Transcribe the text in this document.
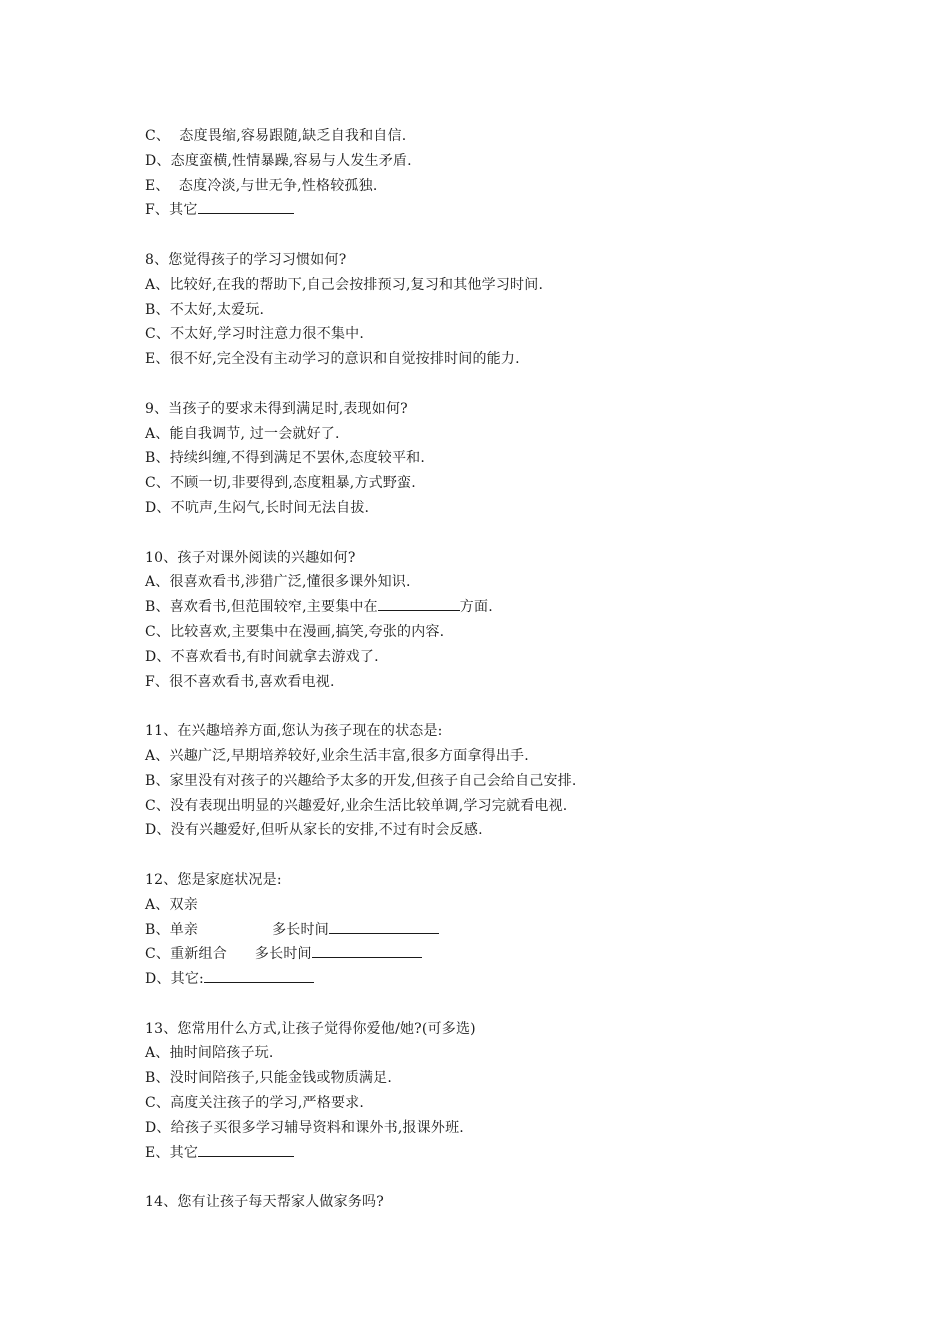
C、  态度畏缩,容易跟随,缺乏自我和自信.
D、态度蛮横,性情暴躁,容易与人发生矛盾.
E、  态度冷淡,与世无争,性格较孤独.
F、其它
8、您觉得孩子的学习习惯如何?
A、比较好,在我的帮助下,自己会按排预习,复习和其他学习时间.
B、不太好,太爱玩.
C、不太好,学习时注意力很不集中.
E、很不好,完全没有主动学习的意识和自觉按排时间的能力.
9、当孩子的要求未得到满足时,表现如何?
A、能自我调节, 过一会就好了.
B、持续纠缠,不得到满足不罢休,态度较平和.
C、不顾一切,非要得到,态度粗暴,方式野蛮.
D、不吭声,生闷气,长时间无法自拔.
10、孩子对课外阅读的兴趣如何?
A、很喜欢看书,涉猎广泛,懂很多课外知识.
B、喜欢看书,但范围较窄,主要集中在	方面.
C、比较喜欢,主要集中在漫画,搞笑,夸张的内容.
D、不喜欢看书,有时间就拿去游戏了.
F、很不喜欢看书,喜欢看电视.
11、在兴趣培养方面,您认为孩子现在的状态是:
A、兴趣广泛,早期培养较好,业余生活丰富,很多方面拿得出手.
B、家里没有对孩子的兴趣给予太多的开发,但孩子自己会给自己安排.
C、没有表现出明显的兴趣爱好,业余生活比较单调,学习完就看电视.
D、没有兴趣爱好,但听从家长的安排,不过有时会反感.
12、您是家庭状况是:
A、双亲
B、单亲	多长时间
C、重新组合 多长时间
D、其它:
13、您常用什么方式,让孩子觉得你爱他/她?(可多选)
A、抽时间陪孩子玩.
B、没时间陪孩子,只能金钱或物质满足.
C、高度关注孩子的学习,严格要求.
D、给孩子买很多学习辅导资料和课外书,报课外班.
E、其它
14、您有让孩子每天帮家人做家务吗?
